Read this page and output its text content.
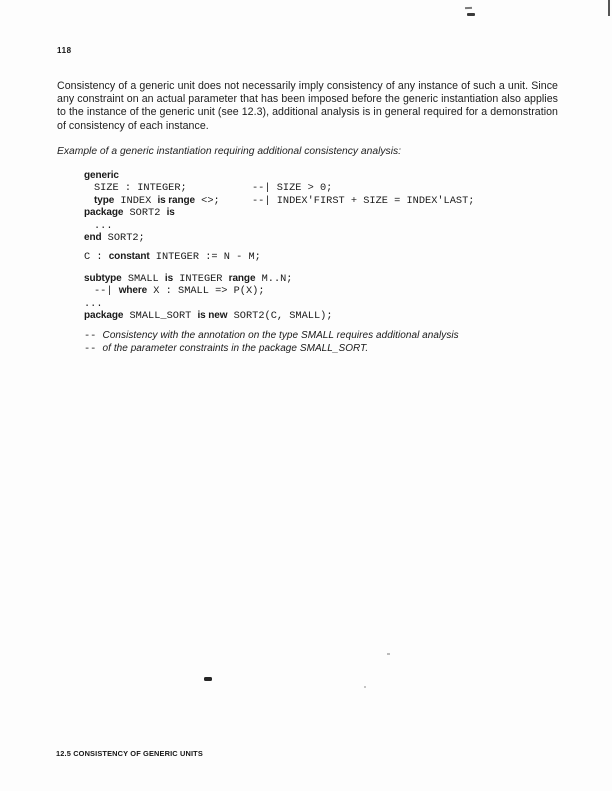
118

Consistency of a generic unit does not necessarily imply consistency of any instance of such a unit. Since any constraint on an actual parameter that has been imposed before the generic instantiation also applies to the instance of the generic unit (see 12.3), additional analysis is in general required for a demonstration of consistency of each instance.

Example of a generic instantiation requiring additional consistency analysis:

generic
SIZE : INTEGER;	--| SIZE > 0;
type INDEX is range <>;	--| INDEX'FIRST + SIZE = INDEX'LAST;
package SORT2 is
...
end SORT2;
C : constant INTEGER := N - M;
subtype SMALL is INTEGER range M..N;
--| where X : SMALL => P(X);
...
package SMALL_SORT is new SORT2(C, SMALL);
-- Consistency with the annotation on the type SMALL requires additional analysis
-- of the parameter constraints in the package SMALL_SORT.
12.5 CONSISTENCY OF GENERIC UNITS
